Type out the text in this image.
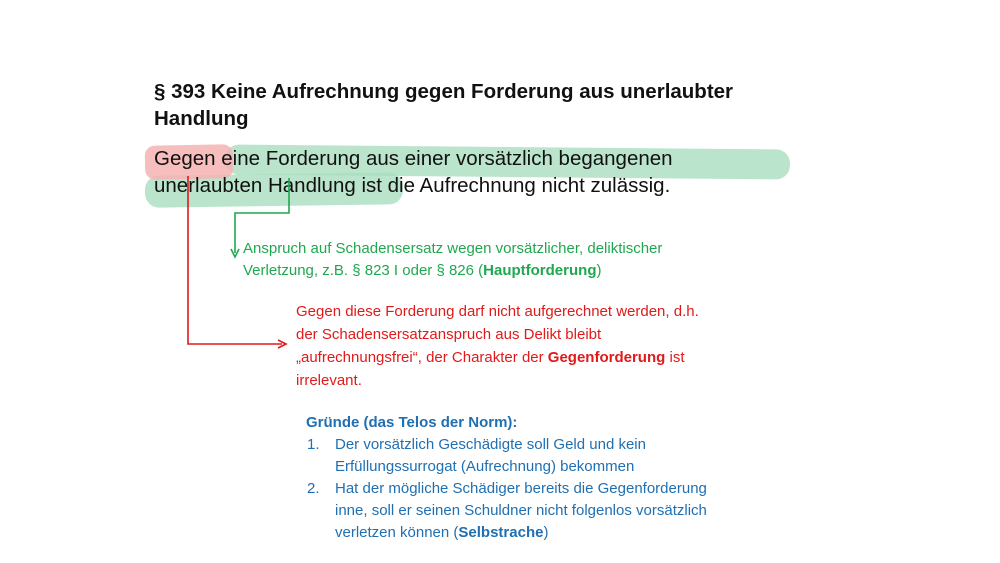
§ 393 Keine Aufrechnung gegen Forderung aus unerlaubter
Handlung
Gegen eine Forderung aus einer vorsätzlich begangenen
unerlaubten Handlung ist die Aufrechnung nicht zulässig.
Anspruch auf Schadensersatz wegen vorsätzlicher, deliktischer
Verletzung, z.B. § 823 I oder § 826 (Hauptforderung)
Gegen diese Forderung darf nicht aufgerechnet werden, d.h.
der Schadensersatzanspruch aus Delikt bleibt
„aufrechnungsfrei“, der Charakter der Gegenforderung ist
irrelevant.
Gründe (das Telos der Norm):
1. Der vorsätzlich Geschädigte soll Geld und kein
Erfüllungssurrogat (Aufrechnung) bekommen
2. Hat der mögliche Schädiger bereits die Gegenforderung
inne, soll er seinen Schuldner nicht folgenlos vorsätzlich
verletzen können (Selbstrache)
